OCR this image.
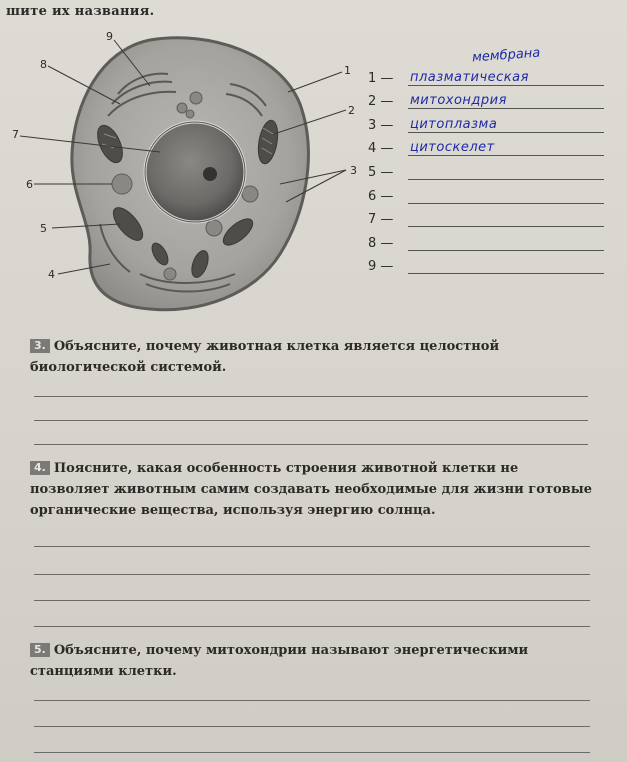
шите их названия.
1
2
3
4
5
6
7
8
9
мембрана
1 —	плазматическая
2 —	митохондрия
3 —	цитоплазма
4 —	цитоскелет
5 —
6 —
7 —
8 —
9 —
3. Объясните, почему животная клетка является целостной биологической системой.
4. Поясните, какая особенность строения животной клетки не позволяет животным самим создавать необходимые для жизни готовые органические вещества, используя энергию солнца.
5. Объясните, почему митохондрии называют энергетическими станциями клетки.
